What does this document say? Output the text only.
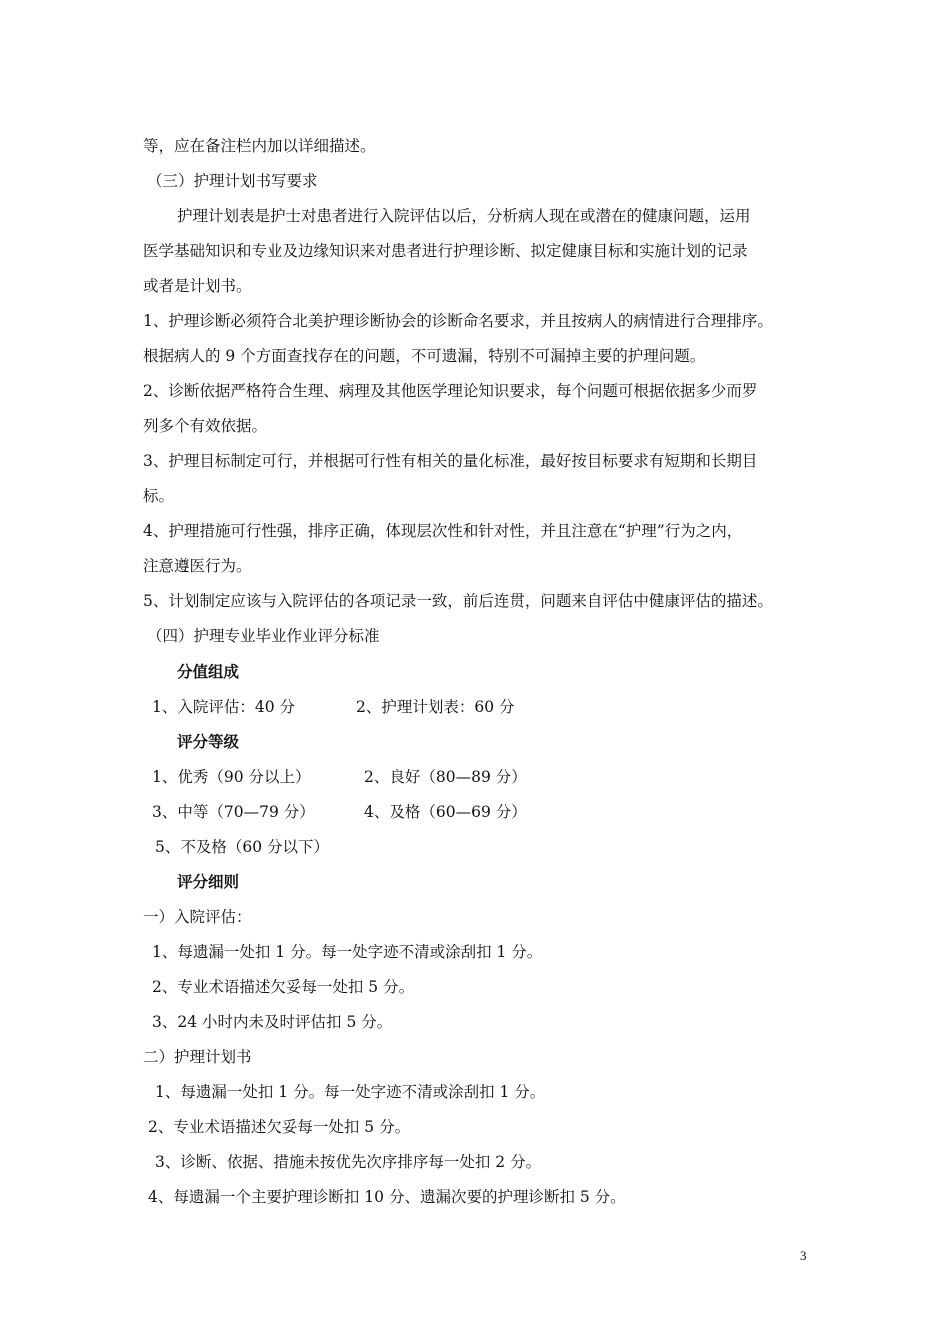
等，应在备注栏内加以详细描述。
（三）护理计划书写要求
护理计划表是护士对患者进行入院评估以后，分析病人现在或潜在的健康问题，运用
医学基础知识和专业及边缘知识来对患者进行护理诊断、拟定健康目标和实施计划的记录
或者是计划书。
1、护理诊断必须符合北美护理诊断协会的诊断命名要求，并且按病人的病情进行合理排序。
根据病人的 9 个方面查找存在的问题，不可遗漏，特别不可漏掉主要的护理问题。
2、诊断依据严格符合生理、病理及其他医学理论知识要求，每个问题可根据依据多少而罗
列多个有效依据。
3、护理目标制定可行，并根据可行性有相关的量化标准，最好按目标要求有短期和长期目
标。
4、护理措施可行性强，排序正确，体现层次性和针对性，并且注意在“护理”行为之内，
注意遵医行为。
5、计划制定应该与入院评估的各项记录一致，前后连贯，问题来自评估中健康评估的描述。
（四）护理专业毕业作业评分标准
分值组成
1、入院评估：40 分	2、护理计划表：60 分
评分等级
1、优秀（90 分以上）	2、良好（80—89 分）
3、中等（70—79 分）	4、及格（60—69 分）
5、不及格（60 分以下）
评分细则
一）入院评估：
1、每遗漏一处扣 1 分。每一处字迹不清或涂刮扣 1 分。
2、专业术语描述欠妥每一处扣 5 分。
3、24 小时内未及时评估扣 5 分。
二）护理计划书
1、每遗漏一处扣 1 分。每一处字迹不清或涂刮扣 1 分。
2、专业术语描述欠妥每一处扣 5 分。
3、诊断、依据、措施未按优先次序排序每一处扣 2 分。
4、每遗漏一个主要护理诊断扣 10 分、遗漏次要的护理诊断扣 5 分。
3
